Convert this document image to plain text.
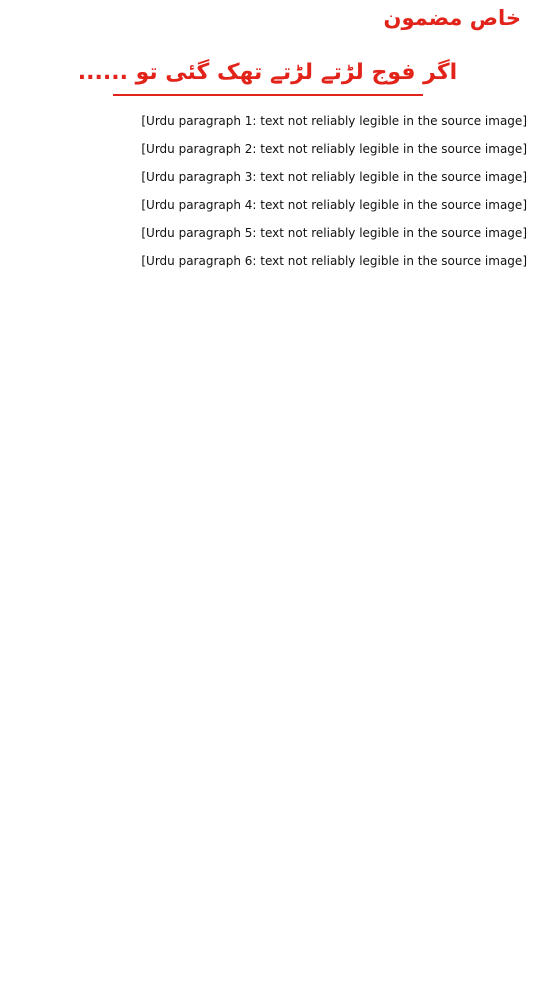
خاص مضمون
اگر فوج لڑتے لڑتے تھک گئی تو ......

[Urdu paragraph 1: text not reliably legible in the source image]

[Urdu paragraph 2: text not reliably legible in the source image]

[Urdu paragraph 3: text not reliably legible in the source image]

[Urdu paragraph 4: text not reliably legible in the source image]

[Urdu paragraph 5: text not reliably legible in the source image]

[Urdu paragraph 6: text not reliably legible in the source image]
